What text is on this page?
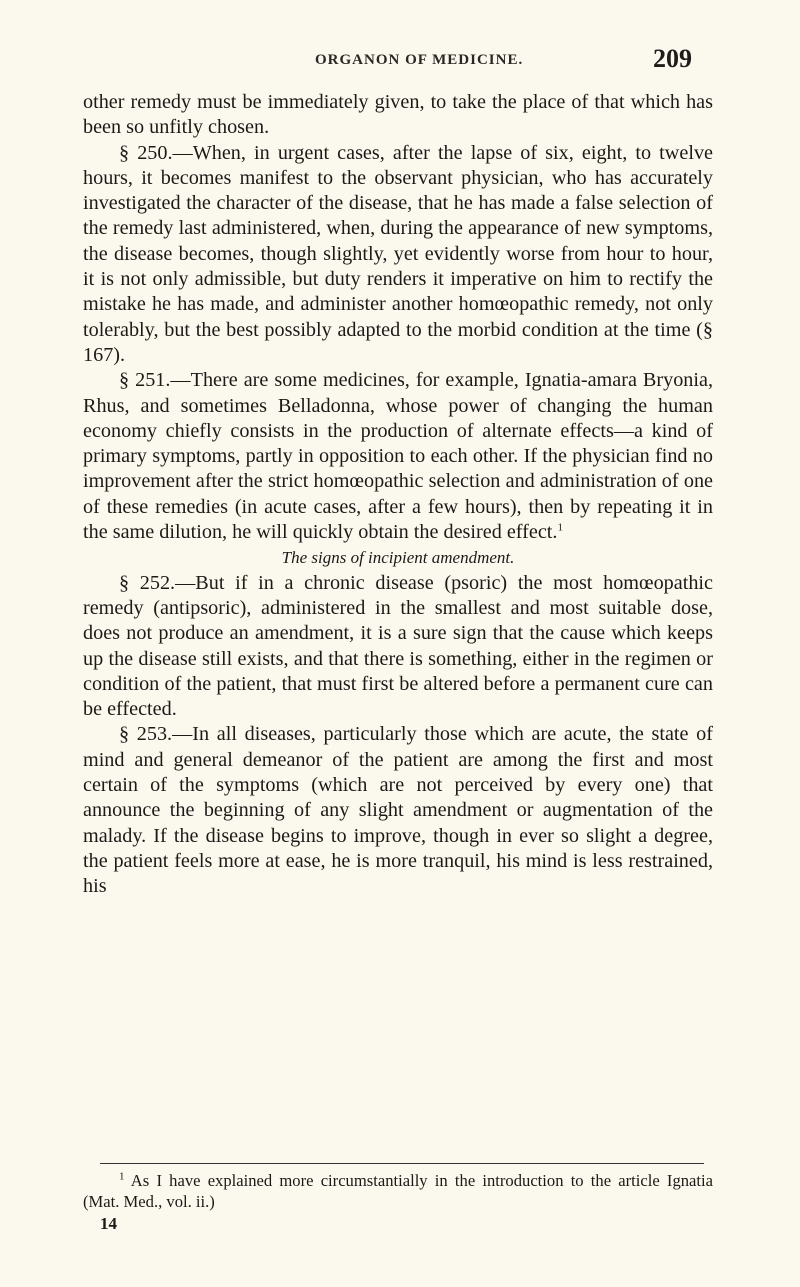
ORGANON OF MEDICINE.	209

other remedy must be immediately given, to take the place of that which has been so unfitly chosen.

§ 250.—When, in urgent cases, after the lapse of six, eight, to twelve hours, it becomes manifest to the observant physician, who has accurately investigated the character of the disease, that he has made a false selection of the remedy last administered, when, during the appearance of new symptoms, the disease becomes, though slightly, yet evidently worse from hour to hour, it is not only admissible, but duty renders it imperative on him to rectify the mistake he has made, and administer another homœopathic remedy, not only tolerably, but the best possibly adapted to the morbid condition at the time (§ 167).

§ 251.—There are some medicines, for example, Ignatia-amara Bryonia, Rhus, and sometimes Belladonna, whose power of changing the human economy chiefly consists in the production of alternate effects—a kind of primary symptoms, partly in opposition to each other. If the physician find no improvement after the strict homœopathic selection and administration of one of these remedies (in acute cases, after a few hours), then by repeating it in the same dilution, he will quickly obtain the desired effect.$^1$

The signs of incipient amendment.

§ 252.—But if in a chronic disease (psoric) the most homœopathic remedy (antipsoric), administered in the smallest and most suitable dose, does not produce an amendment, it is a sure sign that the cause which keeps up the disease still exists, and that there is something, either in the regimen or condition of the patient, that must first be altered before a permanent cure can be effected.

§ 253.—In all diseases, particularly those which are acute, the state of mind and general demeanor of the patient are among the first and most certain of the symptoms (which are not perceived by every one) that announce the beginning of any slight amendment or augmentation of the malady. If the disease begins to improve, though in ever so slight a degree, the patient feels more at ease, he is more tranquil, his mind is less restrained, his

$^1$ As I have explained more circumstantially in the introduction to the article Ignatia (Mat. Med., vol. ii.)

14
